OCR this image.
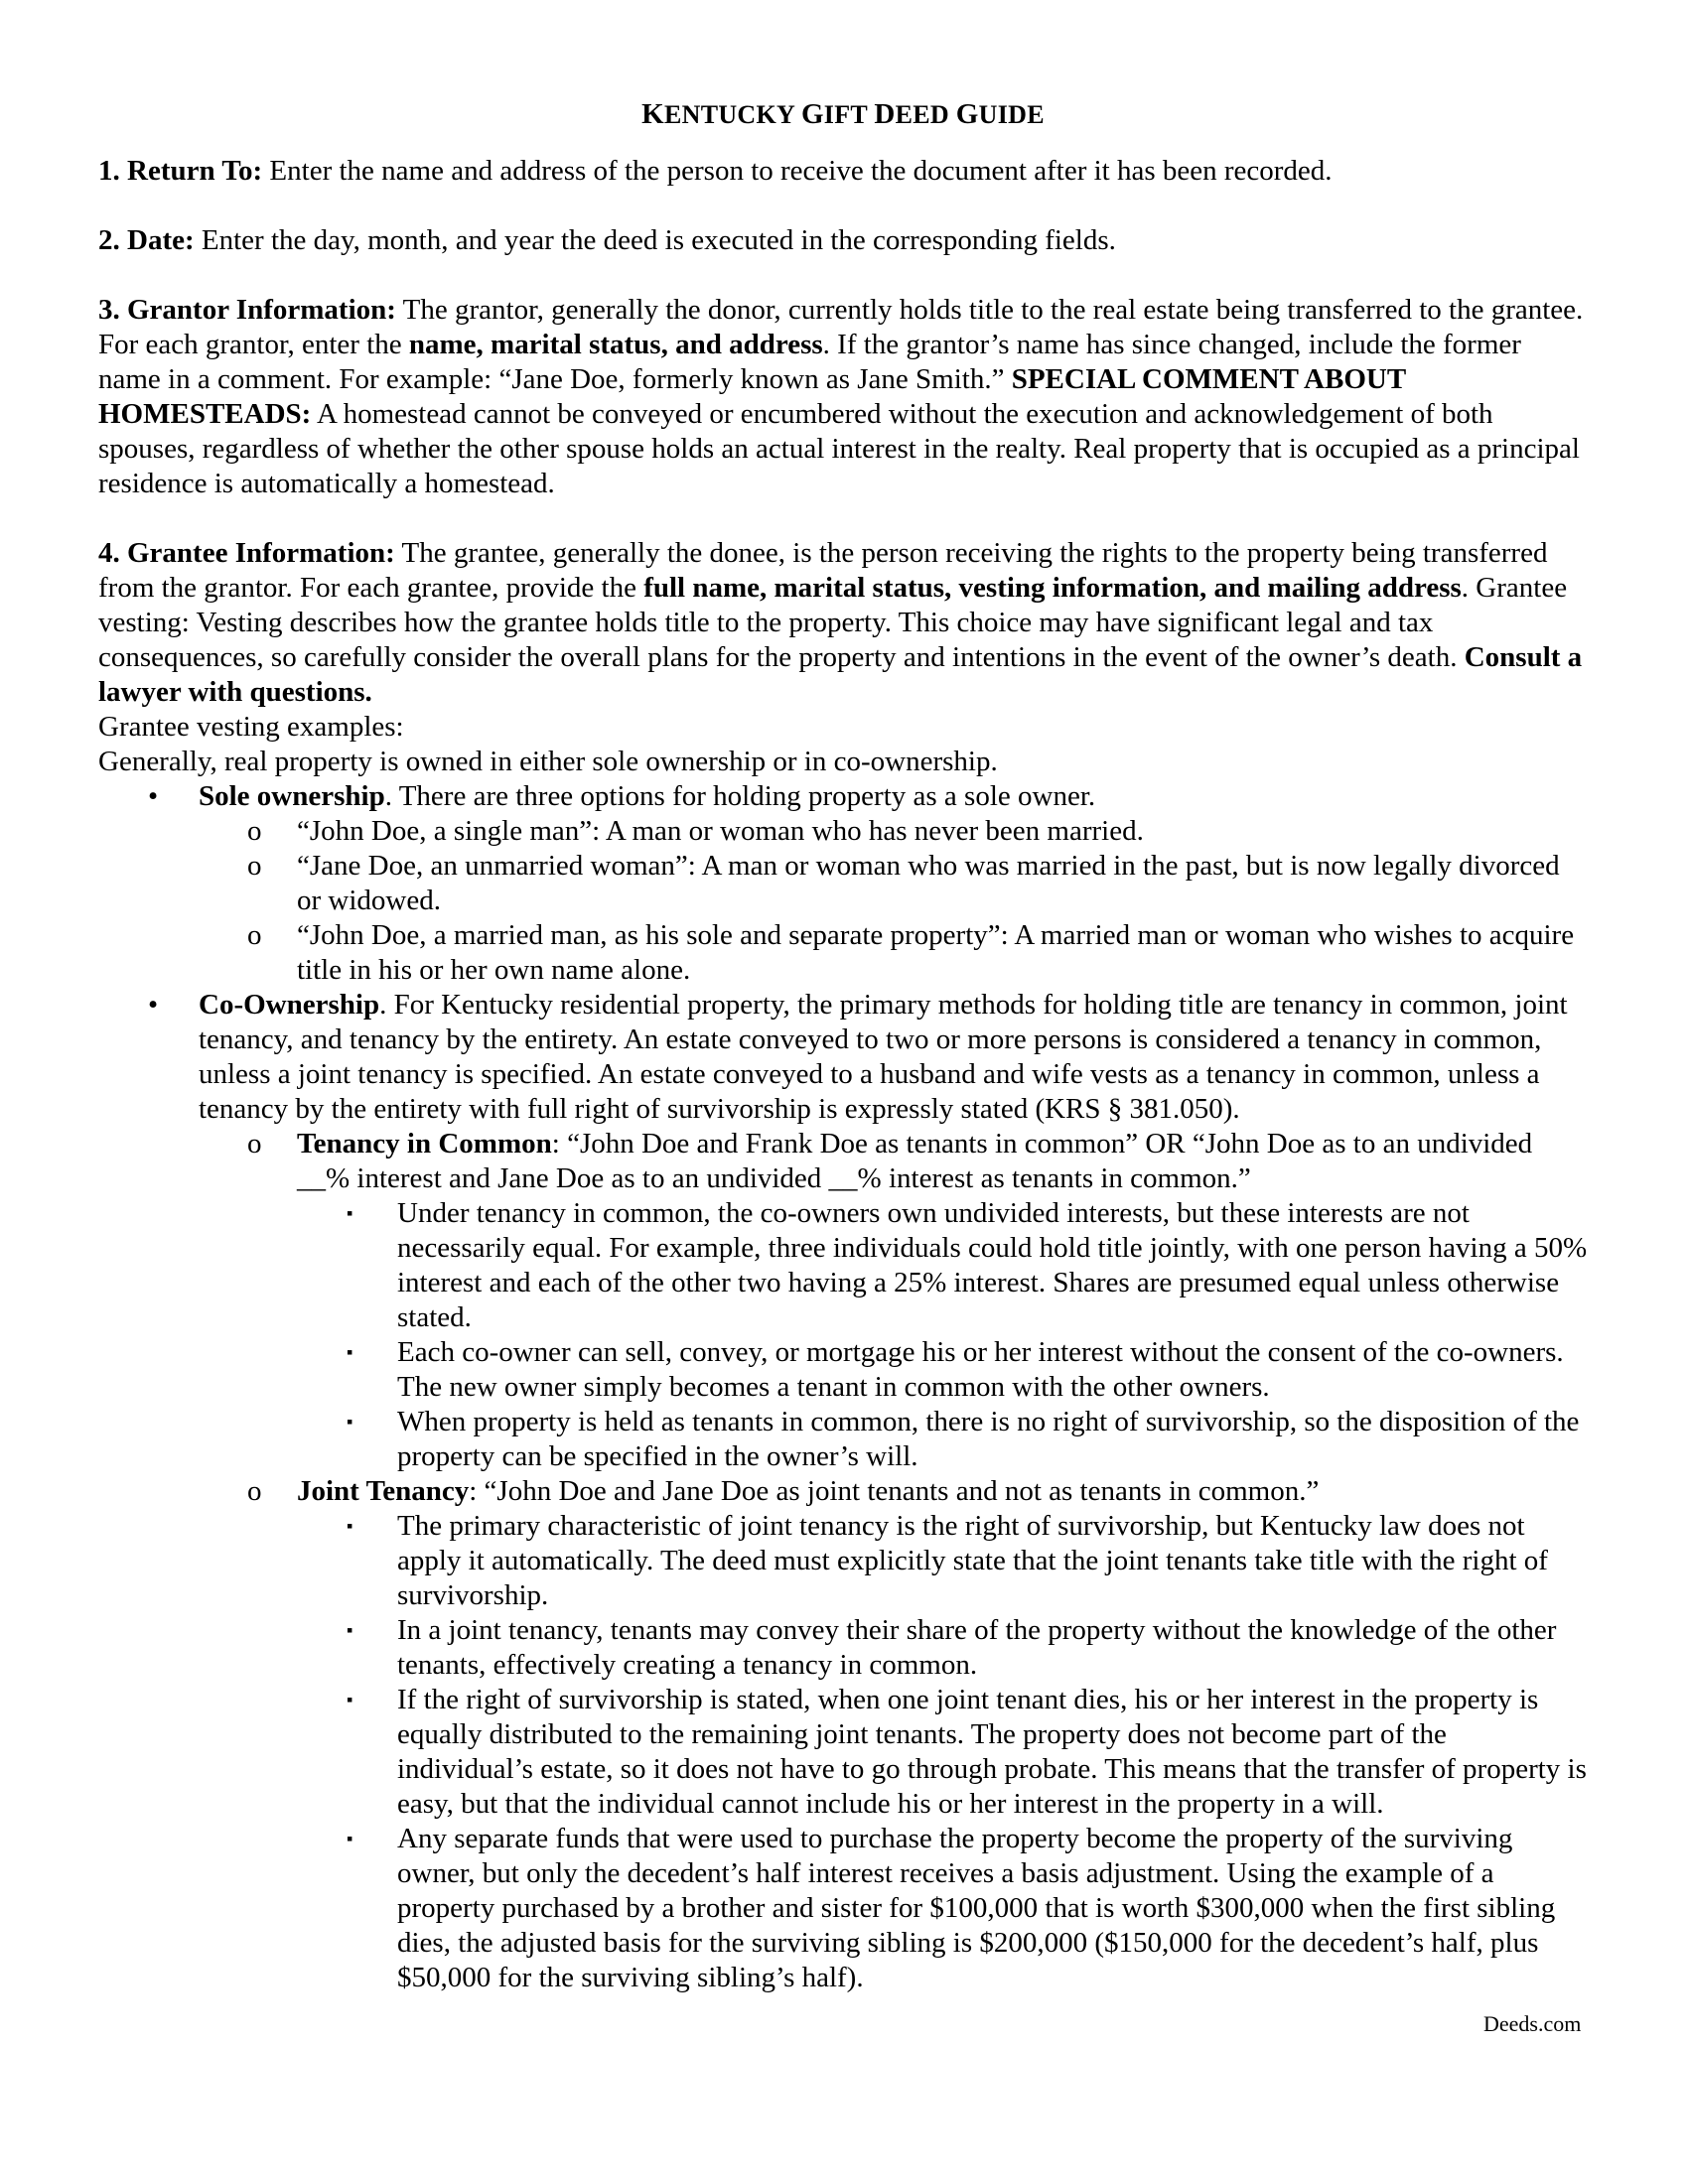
KENTUCKY GIFT DEED GUIDE

1. Return To: Enter the name and address of the person to receive the document after it has been recorded.

2. Date: Enter the day, month, and year the deed is executed in the corresponding fields.

3. Grantor Information: The grantor, generally the donor, currently holds title to the real estate being transferred to the grantee. For each grantor, enter the name, marital status, and address. If the grantor’s name has since changed, include the former name in a comment. For example: “Jane Doe, formerly known as Jane Smith.” SPECIAL COMMENT ABOUT HOMESTEADS: A homestead cannot be conveyed or encumbered without the execution and acknowledgement of both spouses, regardless of whether the other spouse holds an actual interest in the realty. Real property that is occupied as a principal residence is automatically a homestead.

4. Grantee Information: The grantee, generally the donee, is the person receiving the rights to the property being transferred from the grantor. For each grantee, provide the full name, marital status, vesting information, and mailing address. Grantee vesting: Vesting describes how the grantee holds title to the property. This choice may have significant legal and tax consequences, so carefully consider the overall plans for the property and intentions in the event of the owner’s death. Consult a lawyer with questions.

Grantee vesting examples:

Generally, real property is owned in either sole ownership or in co-ownership.

•	Sole ownership. There are three options for holding property as a sole owner.
o	“John Doe, a single man”: A man or woman who has never been married.
o	“Jane Doe, an unmarried woman”: A man or woman who was married in the past, but is now legally divorced or widowed.
o	“John Doe, a married man, as his sole and separate property”: A married man or woman who wishes to acquire title in his or her own name alone.
•	Co-Ownership. For Kentucky residential property, the primary methods for holding title are tenancy in common, joint tenancy, and tenancy by the entirety. An estate conveyed to two or more persons is considered a tenancy in common, unless a joint tenancy is specified. An estate conveyed to a husband and wife vests as a tenancy in common, unless a tenancy by the entirety with full right of survivorship is expressly stated (KRS § 381.050).
o	Tenancy in Common: “John Doe and Frank Doe as tenants in common” OR “John Doe as to an undivided __% interest and Jane Doe as to an undivided __% interest as tenants in common.”
▪	Under tenancy in common, the co-owners own undivided interests, but these interests are not necessarily equal. For example, three individuals could hold title jointly, with one person having a 50% interest and each of the other two having a 25% interest. Shares are presumed equal unless otherwise stated.
▪	Each co-owner can sell, convey, or mortgage his or her interest without the consent of the co-owners. The new owner simply becomes a tenant in common with the other owners.
▪	When property is held as tenants in common, there is no right of survivorship, so the disposition of the property can be specified in the owner’s will.
o	Joint Tenancy: “John Doe and Jane Doe as joint tenants and not as tenants in common.”
▪	The primary characteristic of joint tenancy is the right of survivorship, but Kentucky law does not apply it automatically. The deed must explicitly state that the joint tenants take title with the right of survivorship.
▪	In a joint tenancy, tenants may convey their share of the property without the knowledge of the other tenants, effectively creating a tenancy in common.
▪	If the right of survivorship is stated, when one joint tenant dies, his or her interest in the property is equally distributed to the remaining joint tenants. The property does not become part of the individual’s estate, so it does not have to go through probate. This means that the transfer of property is easy, but that the individual cannot include his or her interest in the property in a will.
▪	Any separate funds that were used to purchase the property become the property of the surviving owner, but only the decedent’s half interest receives a basis adjustment. Using the example of a property purchased by a brother and sister for $100,000 that is worth $300,000 when the first sibling dies, the adjusted basis for the surviving sibling is $200,000 ($150,000 for the decedent’s half, plus $50,000 for the surviving sibling’s half).
Deeds.com
